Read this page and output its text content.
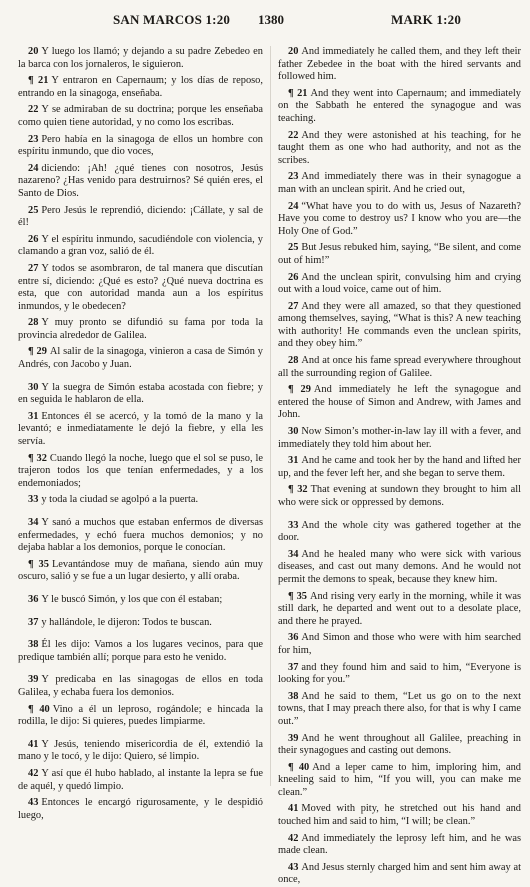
SAN MARCOS 1:20 1380	MARK 1:20

20 Y luego los llamó; y dejando a su padre Zebedeo en la barca con los jornaleros, le siguieron.

¶ 21 Y entraron en Capernaum; y los días de reposo, entrando en la sinagoga, enseñaba.

22 Y se admiraban de su doctrina; porque les enseñaba como quien tiene autoridad, y no como los escribas.

23 Pero había en la sinagoga de ellos un hombre con espíritu inmundo, que dio voces,

24 diciendo: ¡Ah! ¿qué tienes con nosotros, Jesús nazareno? ¿Has venido para destruirnos? Sé quién eres, el Santo de Dios.

25 Pero Jesús le reprendió, diciendo: ¡Cállate, y sal de él!

26 Y el espíritu inmundo, sacudiéndole con violencia, y clamando a gran voz, salió de él.

27 Y todos se asombraron, de tal manera que discutían entre sí, diciendo: ¿Qué es esto? ¿Qué nueva doctrina es esta, que con autoridad manda aun a los espíritus inmundos, y le obedecen?

28 Y muy pronto se difundió su fama por toda la provincia alrededor de Galilea.

¶ 29 Al salir de la sinagoga, vinieron a casa de Simón y Andrés, con Jacobo y Juan.

30 Y la suegra de Simón estaba acostada con fiebre; y en seguida le hablaron de ella.

31 Entonces él se acercó, y la tomó de la mano y la levantó; e inmediatamente le dejó la fiebre, y ella les servía.

¶ 32 Cuando llegó la noche, luego que el sol se puso, le trajeron todos los que tenían enfermedades, y a los endemoniados;

33 y toda la ciudad se agolpó a la puerta.

34 Y sanó a muchos que estaban enfermos de diversas enfermedades, y echó fuera muchos demonios; y no dejaba hablar a los demonios, porque le conocían.

¶ 35 Levantándose muy de mañana, siendo aún muy oscuro, salió y se fue a un lugar desierto, y allí oraba.

36 Y le buscó Simón, y los que con él estaban;

37 y hallándole, le dijeron: Todos te buscan.

38 Él les dijo: Vamos a los lugares vecinos, para que predique también allí; porque para esto he venido.

39 Y predicaba en las sinagogas de ellos en toda Galilea, y echaba fuera los demonios.

¶ 40 Vino a él un leproso, rogándole; e hincada la rodilla, le dijo: Si quieres, puedes limpiarme.

41 Y Jesús, teniendo misericordia de él, extendió la mano y le tocó, y le dijo: Quiero, sé limpio.

42 Y así que él hubo hablado, al instante la lepra se fue de aquél, y quedó limpio.

43 Entonces le encargó rigurosamente, y le despidió luego,

20 And immediately he called them, and they left their father Zebedee in the boat with the hired servants and followed him.

¶ 21 And they went into Capernaum; and immediately on the Sabbath he entered the synagogue and was teaching.

22 And they were astonished at his teaching, for he taught them as one who had authority, and not as the scribes.

23 And immediately there was in their synagogue a man with an unclean spirit. And he cried out,

24 “What have you to do with us, Jesus of Nazareth? Have you come to destroy us? I know who you are—the Holy One of God.”

25 But Jesus rebuked him, saying, “Be silent, and come out of him!”

26 And the unclean spirit, convulsing him and crying out with a loud voice, came out of him.

27 And they were all amazed, so that they questioned among themselves, saying, “What is this? A new teaching with authority! He commands even the unclean spirits, and they obey him.”

28 And at once his fame spread everywhere throughout all the surrounding region of Galilee.

¶ 29 And immediately he left the synagogue and entered the house of Simon and Andrew, with James and John.

30 Now Simon’s mother-in-law lay ill with a fever, and immediately they told him about her.

31 And he came and took her by the hand and lifted her up, and the fever left her, and she began to serve them.

¶ 32 That evening at sundown they brought to him all who were sick or oppressed by demons.

33 And the whole city was gathered together at the door.

34 And he healed many who were sick with various diseases, and cast out many demons. And he would not permit the demons to speak, because they knew him.

¶ 35 And rising very early in the morning, while it was still dark, he departed and went out to a desolate place, and there he prayed.

36 And Simon and those who were with him searched for him,

37 and they found him and said to him, “Everyone is looking for you.”

38 And he said to them, “Let us go on to the next towns, that I may preach there also, for that is why I came out.”

39 And he went throughout all Galilee, preaching in their synagogues and casting out demons.

¶ 40 And a leper came to him, imploring him, and kneeling said to him, “If you will, you can make me clean.”

41 Moved with pity, he stretched out his hand and touched him and said to him, “I will; be clean.”

42 And immediately the leprosy left him, and he was made clean.

43 And Jesus sternly charged him and sent him away at once,
